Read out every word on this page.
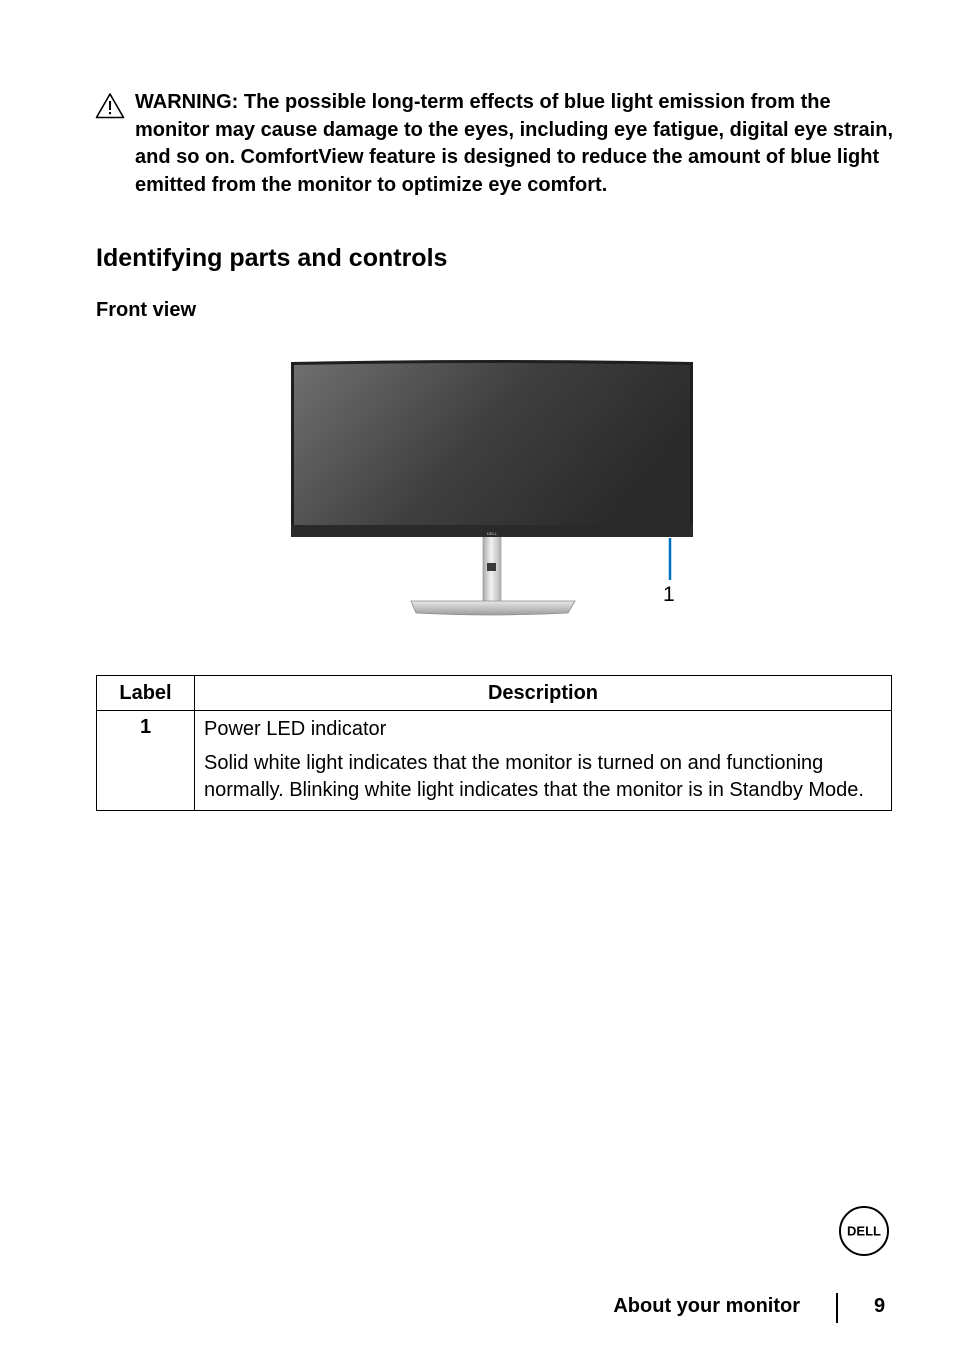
WARNING: The possible long-term effects of blue light emission from the monitor may cause damage to the eyes, including eye fatigue, digital eye strain, and so on. ComfortView feature is designed to reduce the amount of blue light emitted from the monitor to optimize eye comfort.
Identifying parts and controls
Front view
DELL
1
Label	Description
1	Power LED indicator

Solid white light indicates that the monitor is turned on and functioning normally. Blinking white light indicates that the monitor is in Standby Mode.

DELL
About your monitor	9
